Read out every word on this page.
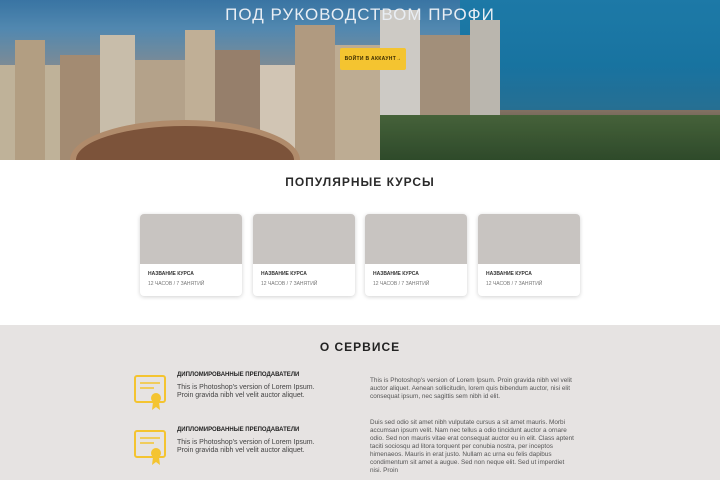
ПОД РУКОВОДСТВОМ ПРОФИ
ВОЙТИ В АККАУНТ→
ПОПУЛЯРНЫЕ КУРСЫ
НАЗВАНИЕ КУРСА
12 ЧАСОВ / 7 ЗАНЯТИЙ
НАЗВАНИЕ КУРСА
12 ЧАСОВ / 7 ЗАНЯТИЙ
НАЗВАНИЕ КУРСА
12 ЧАСОВ / 7 ЗАНЯТИЙ
НАЗВАНИЕ КУРСА
12 ЧАСОВ / 7 ЗАНЯТИЙ
О СЕРВИСЕ
ДИПЛОМИРОВАННЫЕ ПРЕПОДАВАТЕЛИ
This is Photoshop's version of Lorem Ipsum. Proin gravida nibh vel velit auctor aliquet.
ДИПЛОМИРОВАННЫЕ ПРЕПОДАВАТЕЛИ
This is Photoshop's version of Lorem Ipsum. Proin gravida nibh vel velit auctor aliquet.

This is Photoshop's version of Lorem Ipsum. Proin gravida nibh vel velit auctor aliquet. Aenean sollicitudin, lorem quis bibendum auctor, nisi elit consequat ipsum, nec sagittis sem nibh id elit.

Duis sed odio sit amet nibh vulputate cursus a sit amet mauris. Morbi accumsan ipsum velit. Nam nec tellus a odio tincidunt auctor a ornare odio. Sed non mauris vitae erat consequat auctor eu in elit. Class aptent taciti sociosqu ad litora torquent per conubia nostra, per inceptos himenaeos. Mauris in erat justo. Nullam ac urna eu felis dapibus condimentum sit amet a augue. Sed non neque elit. Sed ut imperdiet nisi. Proin
